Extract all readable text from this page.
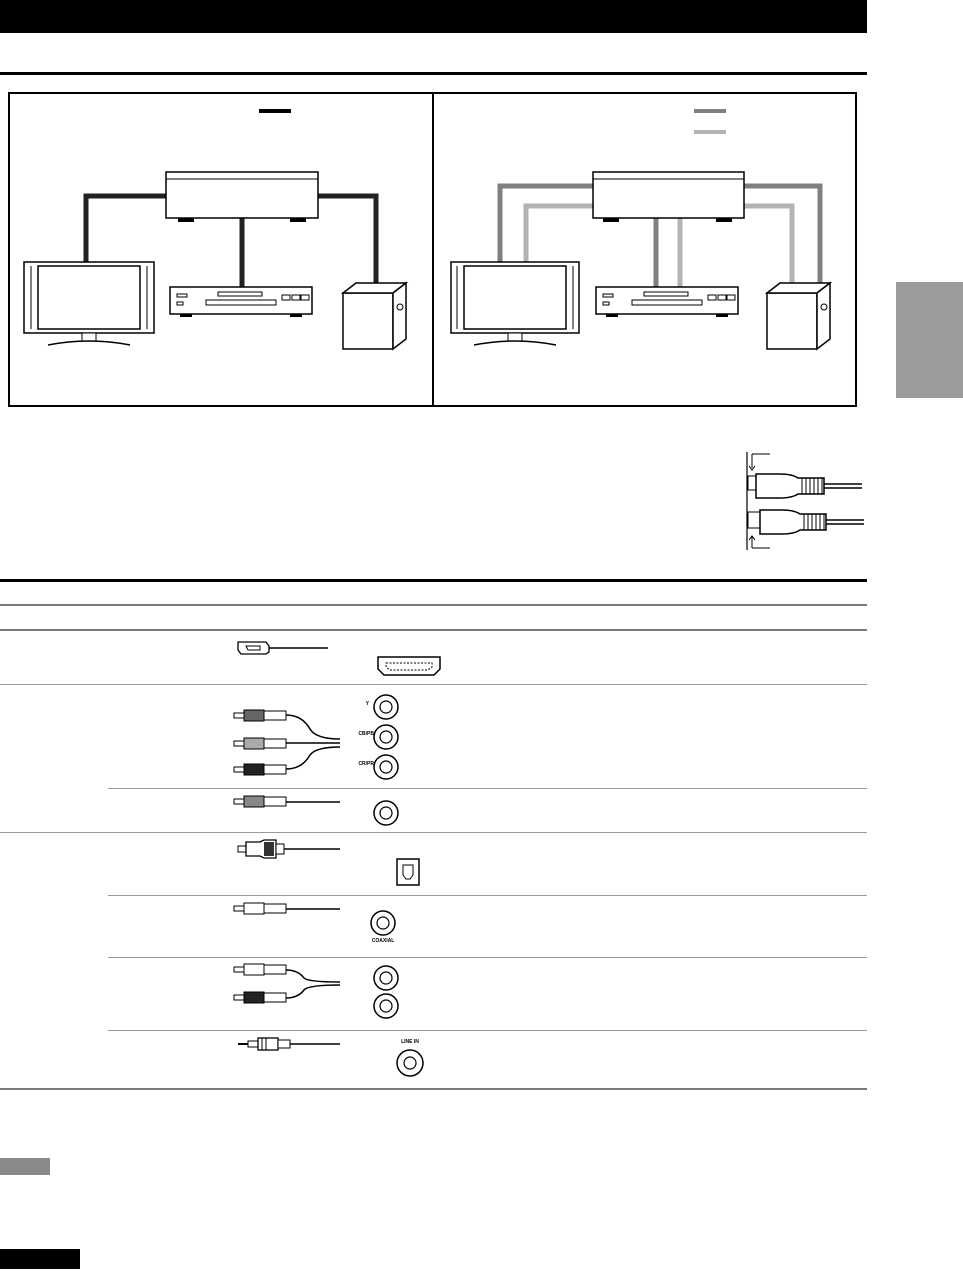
Y
CB/PB
CR/PR
COAXIAL
LINE IN
